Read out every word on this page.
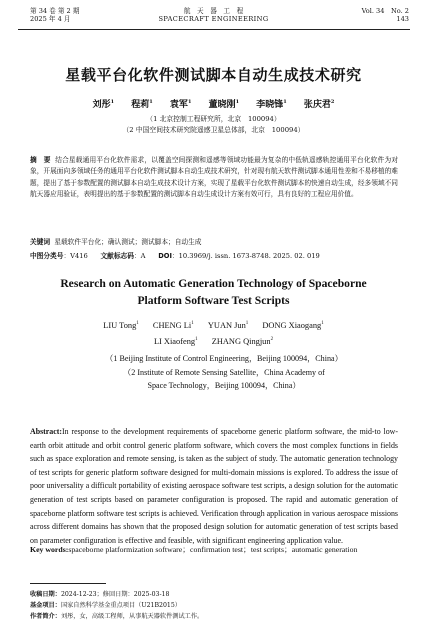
第 34 卷 第 2 期
2025 年 4 月
航　天　器　工　程
SPACECRAFT ENGINEERING
Vol. 34　No. 2
143
星载平台化软件测试脚本自动生成技术研究
刘彤$^1$ 程莉$^1$ 袁军$^1$ 董晓刚$^1$ 李晓锋$^1$ 张庆君$^2$
（1 北京控制工程研究所，北京　100094）
（2 中国空间技术研究院遥感卫星总体部，北京　100094）
摘　要 结合星载通用平台化软件需求，以覆盖空间探测和遥感等领域功能最为复杂的中低轨遥感轨控通用平台化软件为对象，开展面向多领域任务的通用平台化软件测试脚本自动生成技术研究，针对现有航天软件测试脚本通用性差和不易移植的难题，提出了基于参数配置的测试脚本自动生成技术设计方案，实现了星载平台化软件测试脚本的快速自动生成，经多领域不同航天器应用验证，表明提出的基于参数配置的测试脚本自动生成设计方案有效可行，具有良好的工程应用价值。
关键词 星载软件平台化；确认测试；测试脚本；自动生成
中图分类号：V416 文献标志码：A DOI：10.3969/j. issn. 1673-8748. 2025. 02. 019
Research on Automatic Generation Technology of Spaceborne
Platform Software Test Scripts
LIU Tong$^1$ CHENG Li$^1$ YUAN Jun$^1$ DONG Xiaogang$^1$
LI Xiaofeng$^1$ ZHANG Qingjun$^2$
（1 Beijing Institute of Control Engineering，Beijing 100094，China）
（2 Institute of Remote Sensing Satellite，China Academy of
Space Technology，Beijing 100094，China）
Abstract:In response to the development requirements of spaceborne generic platform software, the mid-to low-earth orbit attitude and orbit control generic platform software, which covers the most complex functions in fields such as space exploration and remote sensing, is taken as the subject of study. The automatic generation technology of test scripts for generic platform software designed for multi-domain missions is explored. To address the issue of poor universality a difficult portability of existing aerospace software test scripts, a design solution for the automatic generation of test scripts based on parameter configuration is proposed. The rapid and automatic generation of spaceborne platform software test scripts is achieved. Verification through application in various aerospace missions across different domains has shown that the proposed design solution for automatic generation of test scripts based on parameter configuration is effective and feasible, with significant engineering application value.
Key words:spaceborne platformization software；confirmation test；test scripts；automatic generation
收稿日期：2024-12-23；修回日期：2025-03-18
基金项目：国家自然科学基金重点项目（U21B2015）
作者简介：刘彤，女，高级工程师，从事航天器软件测试工作。
